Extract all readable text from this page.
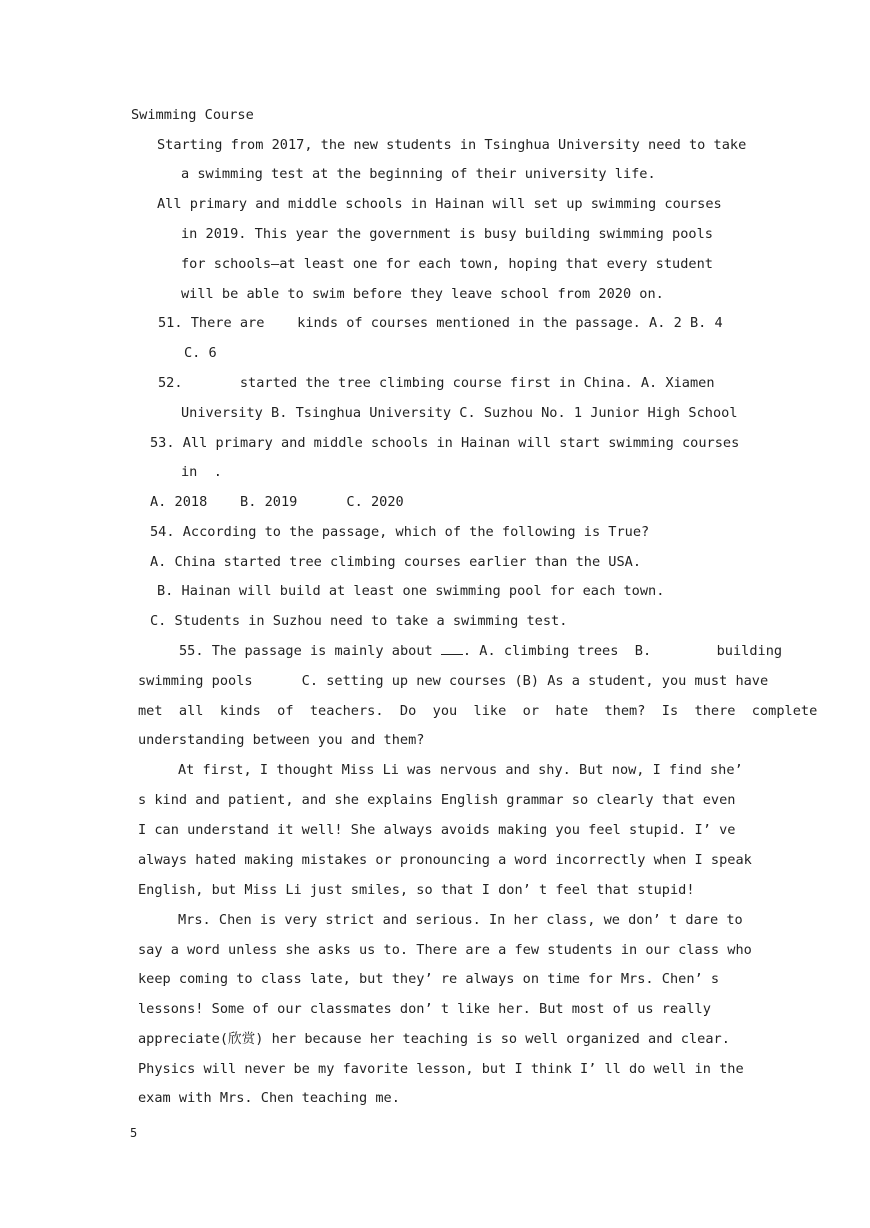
Swimming Course
Starting from 2017, the new students in Tsinghua University need to take
a swimming test at the beginning of their university life.
All primary and middle schools in Hainan will set up swimming courses
in 2019. This year the government is busy building swimming pools
for schools—at least one for each town, hoping that every student
will be able to swim before they leave school from 2020 on.
51. There are    kinds of courses mentioned in the passage. A. 2 B. 4
C. 6
52.       started the tree climbing course first in China. A. Xiamen
University B. Tsinghua University C. Suzhou No. 1 Junior High School
53. All primary and middle schools in Hainan will start swimming courses
in  .
A. 2018    B. 2019      C. 2020
54. According to the passage, which of the following is True?
A. China started tree climbing courses earlier than the USA.
B. Hainan will build at least one swimming pool for each town.
C. Students in Suzhou need to take a swimming test.
55. The passage is mainly about . A. climbing trees  B.        building
swimming pools      C. setting up new courses (B) As a student, you must have
met  all  kinds  of  teachers.  Do  you  like  or  hate  them?  Is  there  complete
understanding between you and them?
At first, I thought Miss Li was nervous and shy. But now, I find she’
s kind and patient, and she explains English grammar so clearly that even
I can understand it well! She always avoids making you feel stupid. I’ ve
always hated making mistakes or pronouncing a word incorrectly when I speak
English, but Miss Li just smiles, so that I don’ t feel that stupid!
Mrs. Chen is very strict and serious. In her class, we don’ t dare to
say a word unless she asks us to. There are a few students in our class who
keep coming to class late, but they’ re always on time for Mrs. Chen’ s
lessons! Some of our classmates don’ t like her. But most of us really
appreciate(欣赏) her because her teaching is so well organized and clear.
Physics will never be my favorite lesson, but I think I’ ll do well in the
exam with Mrs. Chen teaching me.
5
